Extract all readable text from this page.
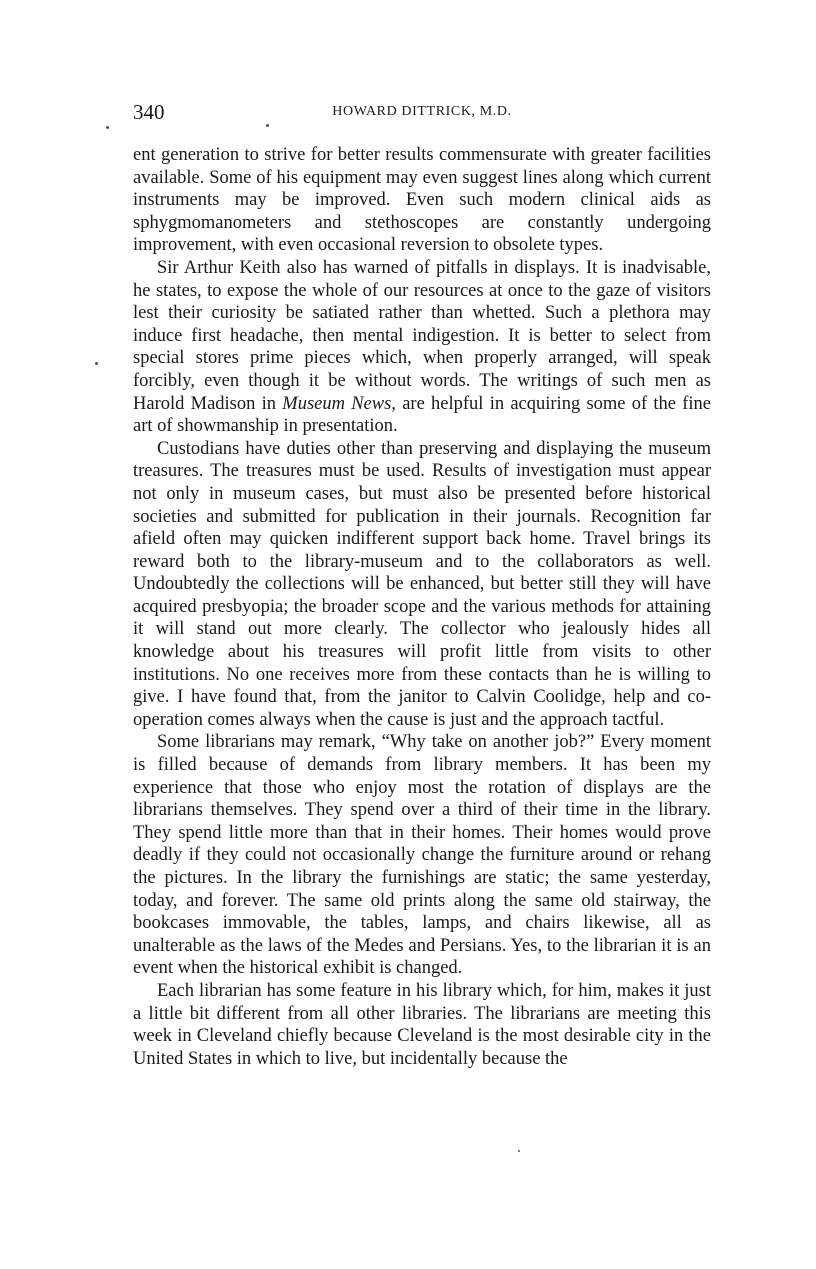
340	HOWARD DITTRICK, M.D.

ent generation to strive for better results commensurate with greater facilities available. Some of his equipment may even suggest lines along which current instruments may be improved. Even such modern clinical aids as sphygmomanometers and stethoscopes are constantly undergoing improvement, with even occasional reversion to obsolete types.

Sir Arthur Keith also has warned of pitfalls in displays. It is inadvisable, he states, to expose the whole of our resources at once to the gaze of visitors lest their curiosity be satiated rather than whetted. Such a plethora may induce first headache, then mental indigestion. It is better to select from special stores prime pieces which, when properly arranged, will speak forcibly, even though it be without words. The writings of such men as Harold Madison in Museum News, are helpful in acquiring some of the fine art of showmanship in presentation.

Custodians have duties other than preserving and displaying the museum treasures. The treasures must be used. Results of investigation must appear not only in museum cases, but must also be presented before historical societies and submitted for publication in their journals. Recognition far afield often may quicken indifferent support back home. Travel brings its reward both to the library-museum and to the collaborators as well. Undoubtedly the collections will be enhanced, but better still they will have acquired presbyopia; the broader scope and the various methods for attaining it will stand out more clearly. The collector who jealously hides all knowledge about his treasures will profit little from visits to other institutions. No one receives more from these contacts than he is willing to give. I have found that, from the janitor to Calvin Coolidge, help and co-operation comes always when the cause is just and the approach tactful.

Some librarians may remark, “Why take on another job?” Every moment is filled because of demands from library members. It has been my experience that those who enjoy most the rotation of displays are the librarians themselves. They spend over a third of their time in the library. They spend little more than that in their homes. Their homes would prove deadly if they could not occasionally change the furniture around or rehang the pictures. In the library the furnishings are static; the same yesterday, today, and forever. The same old prints along the same old stairway, the bookcases immovable, the tables, lamps, and chairs likewise, all as unalterable as the laws of the Medes and Persians. Yes, to the librarian it is an event when the historical exhibit is changed.

Each librarian has some feature in his library which, for him, makes it just a little bit different from all other libraries. The librarians are meeting this week in Cleveland chiefly because Cleveland is the most desirable city in the United States in which to live, but incidentally because the
